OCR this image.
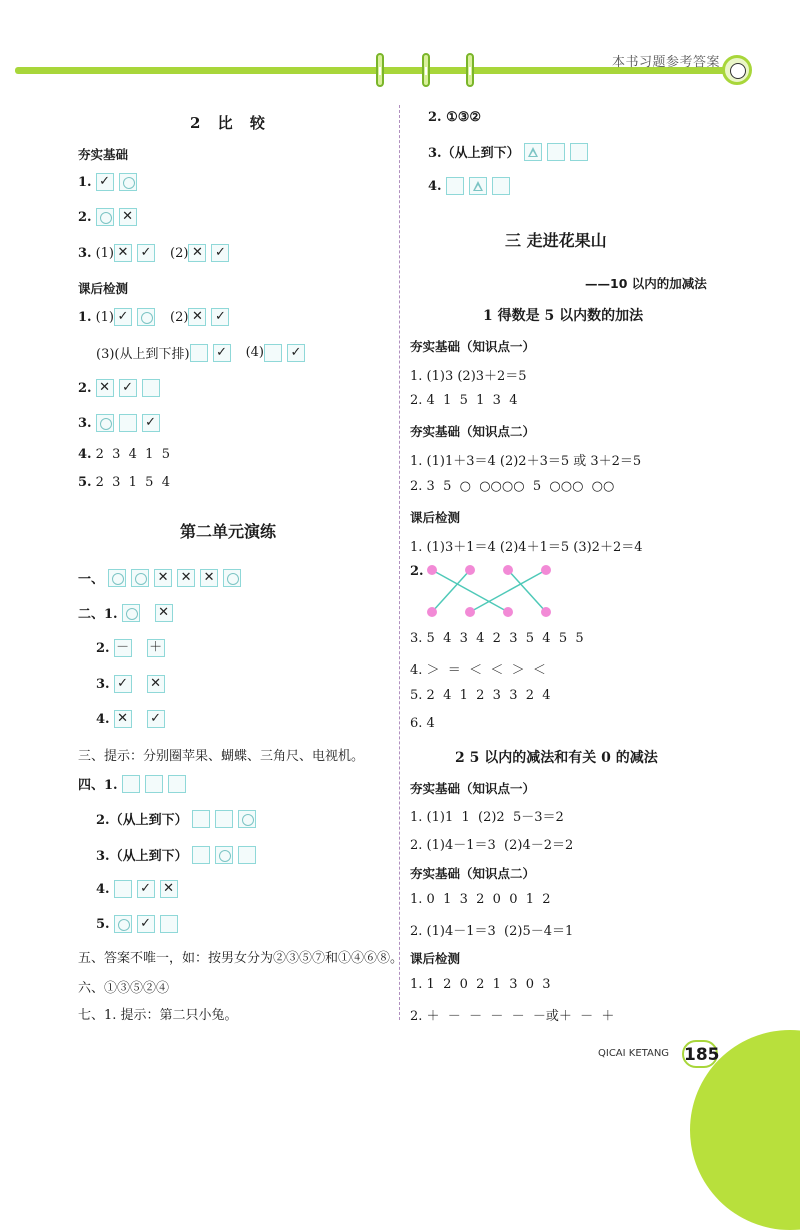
本书习题参考答案
2 比 较
夯实基础
1. ✓
2. ✕
3. (1) ✕ ✓ (2) ✕ ✓
课后检测
1. (1) ✓	(2) ✕ ✓
(3)(从上到下排) ✓ (4) ✓
2. ✕ ✓
3.	✓
4. 2  3  4  1  5
5. 2  3  1  5  4
第二单元演练
一、	✕ ✕ ✕
二、1.	✕
2. － ＋
3. ✓ ✕
4. ✕ ✓
三、提示：分别圈苹果、蝴蝶、三角尺、电视机。
四、1.
2.（从上到下）
3.（从上到下）
4. ✓ ✕
5. ✓
五、答案不唯一，如：按男女分为②③⑤⑦和①④⑥⑧。
六、①③⑤②④
七、1. 提示：第二只小兔。
2. ①③②
3.（从上到下）
4.
三 走进花果山
——10 以内的加减法
1 得数是 5 以内数的加法
夯实基础（知识点一）
1. (1)3 (2)3＋2＝5
2. 4  1  5  1  3  4
夯实基础（知识点二）
1. (1)1＋3＝4 (2)2＋3＝5 或 3＋2＝5
2. 3  5  ○  ○○○○  5  ○○○  ○○
课后检测
1. (1)3＋1＝4 (2)4＋1＝5 (3)2＋2＝4
2.
3. 5  4  3  4  2  3  5  4  5  5
4. ＞  ＝  ＜  ＜  ＞  ＜
5. 2  4  1  2  3  3  2  4
6. 4
2 5 以内的减法和有关 0 的减法
夯实基础（知识点一）
1. (1)1  1  (2)2  5－3＝2
2. (1)4－1＝3  (2)4－2＝2
夯实基础（知识点二）
1. 0  1  3  2  0  0  1  2
2. (1)4－1＝3  (2)5－4＝1
课后检测
1. 1  2  0  2  1  3  0  3
2. ＋  －  －  －  －  －或＋  －  ＋
QICAI KETANG 185
